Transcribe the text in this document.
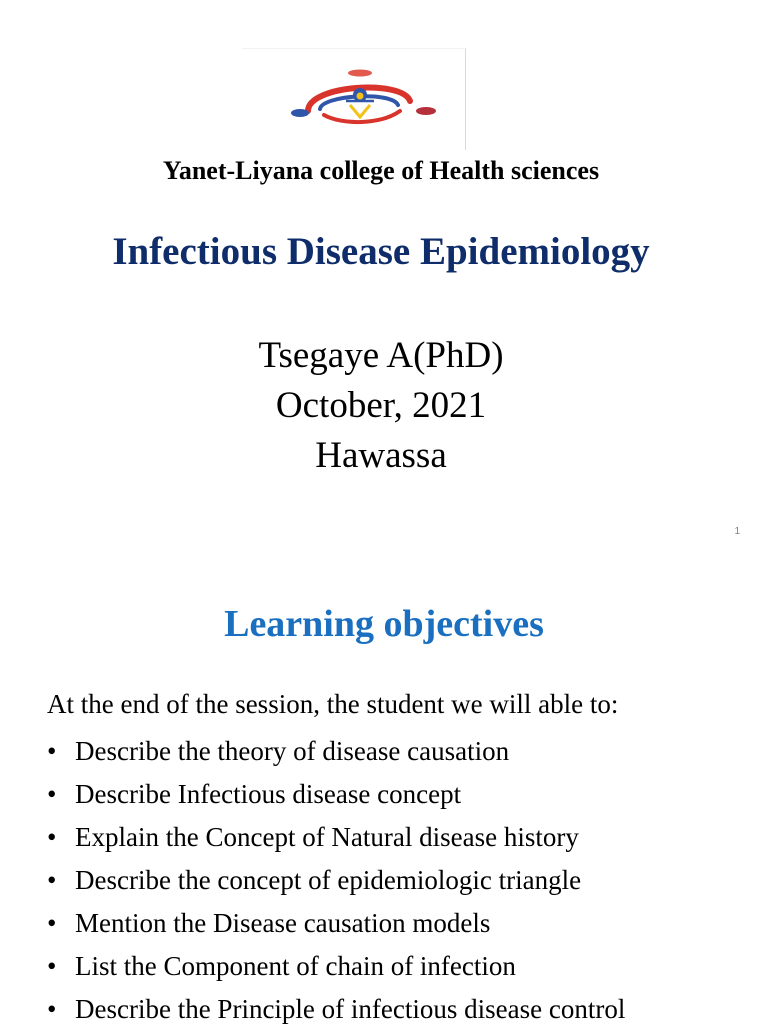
Yanet-Liyana college of Health sciences
Infectious Disease Epidemiology
Tsegaye A(PhD)
October, 2021
Hawassa
1
Learning objectives
At the end of the session, the student we will able to:
• Describe the theory of disease causation
• Describe Infectious disease concept
• Explain the Concept of Natural disease history
• Describe the concept of epidemiologic triangle
• Mention the Disease causation models
• List the Component of chain of infection
• Describe the Principle of infectious disease control
